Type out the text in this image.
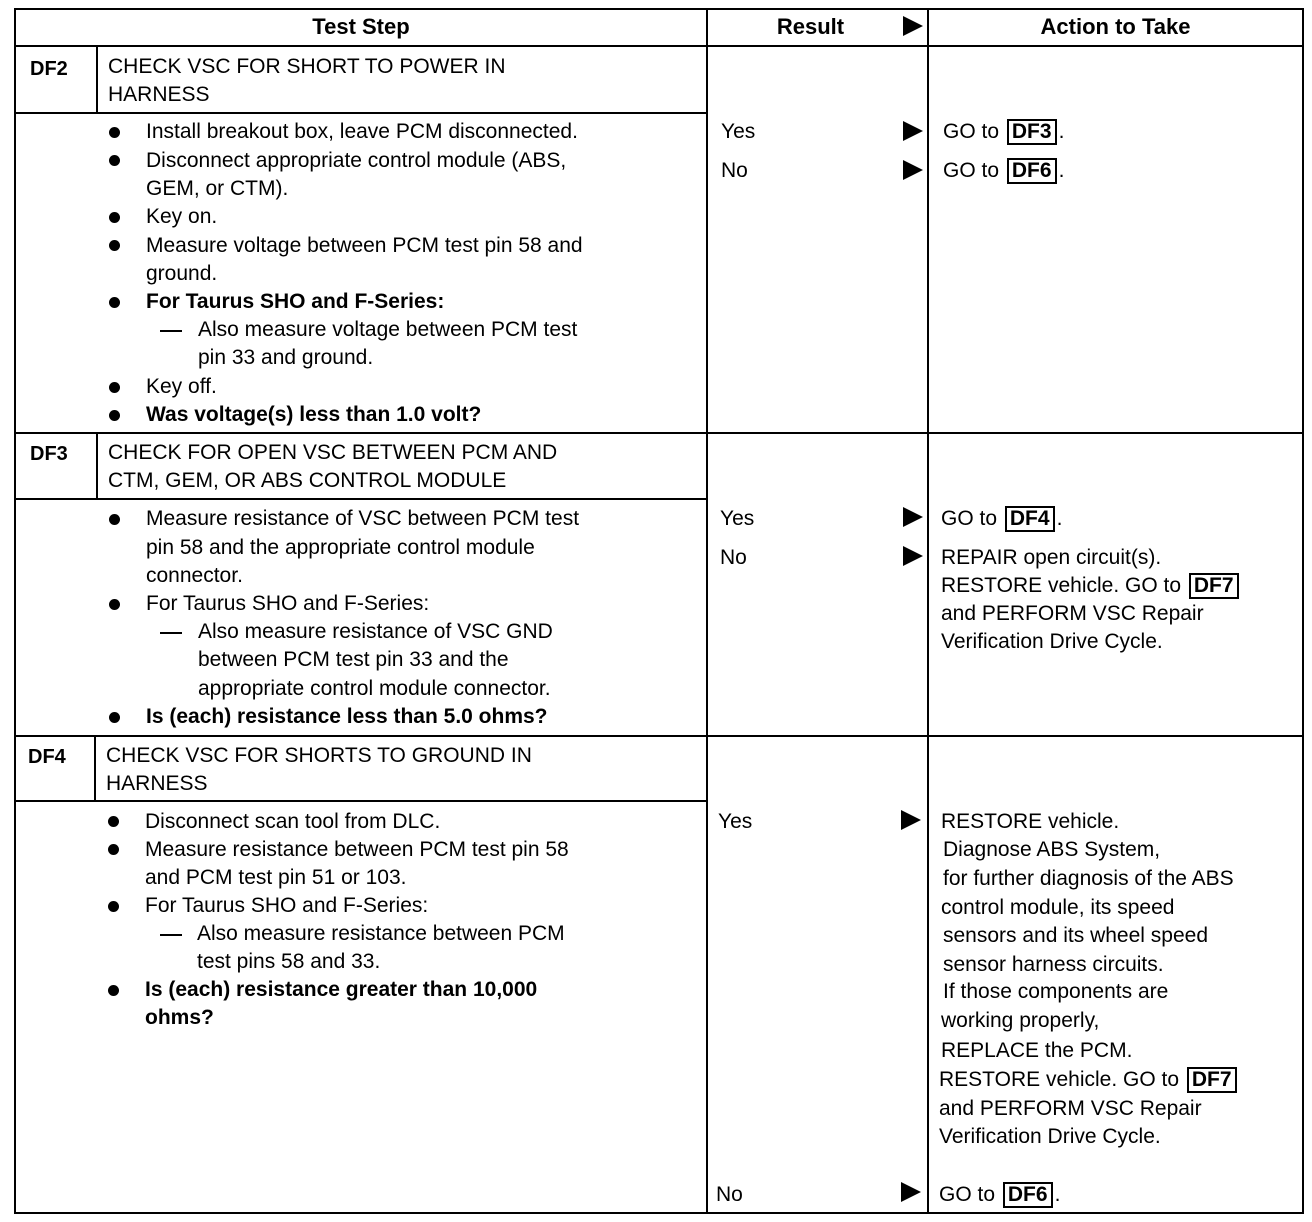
Test Step	Result	Action to Take
DF2 CHECK VSC FOR SHORT TO POWER IN
HARNESS
Install breakout box, leave PCM disconnected.
Disconnect appropriate control module (ABS,
GEM, or CTM).
Key on.
Measure voltage between PCM test pin 58 and
ground.
For Taurus SHO and F-Series:
Also measure voltage between PCM test
pin 33 and ground.
Key off.
Was voltage(s) less than 1.0 volt?
Yes	GO to DF3 .
No	GO to DF6 .
DF3 CHECK FOR OPEN VSC BETWEEN PCM AND
CTM, GEM, OR ABS CONTROL MODULE
Measure resistance of VSC between PCM test
pin 58 and the appropriate control module
connector.
For Taurus SHO and F-Series:
Also measure resistance of VSC GND
between PCM test pin 33 and the
appropriate control module connector.
Is (each) resistance less than 5.0 ohms?
Yes	GO to DF4 .
No	REPAIR open circuit(s).
RESTORE vehicle. GO to DF7
and PERFORM VSC Repair
Verification Drive Cycle.
DF4 CHECK VSC FOR SHORTS TO GROUND IN
HARNESS
Disconnect scan tool from DLC.
Measure resistance between PCM test pin 58
and PCM test pin 51 or 103.
For Taurus SHO and F-Series:
Also measure resistance between PCM
test pins 58 and 33.
Is (each) resistance greater than 10,000
ohms?
Yes	RESTORE vehicle.
Diagnose ABS System,
for further diagnosis of the ABS
control module, its speed
sensors and its wheel speed
sensor harness circuits.
If those components are
working properly,
REPLACE the PCM.
RESTORE vehicle. GO to DF7
and PERFORM VSC Repair
Verification Drive Cycle.
No	GO to DF6 .
